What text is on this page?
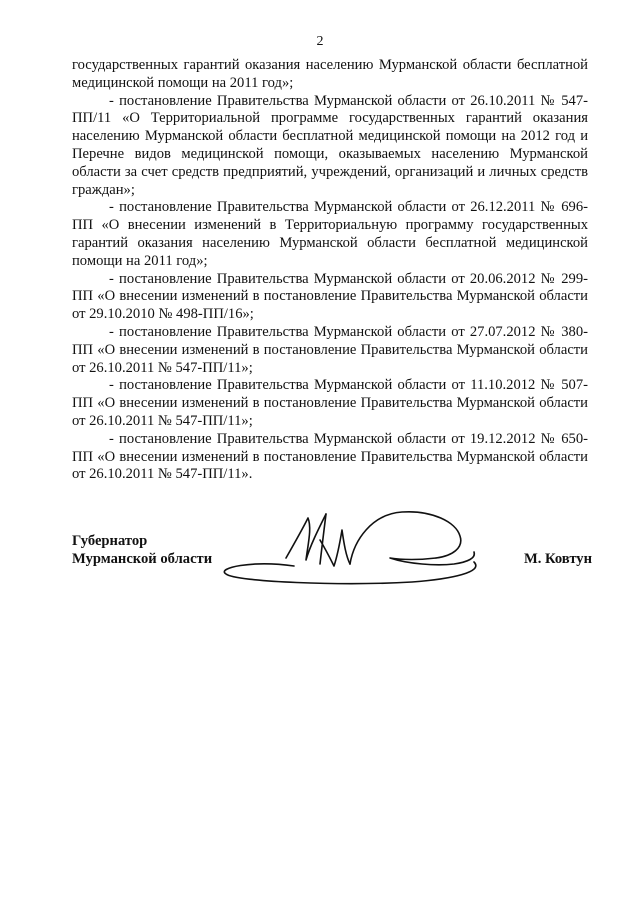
2

государственных гарантий оказания населению Мурманской области бесплатной медицинской помощи на 2011 год»;

- постановление Правительства Мурманской области от 26.10.2011 № 547-ПП/11 «О Территориальной программе государственных гарантий оказания населению Мурманской области бесплатной медицинской помощи на 2012 год и Перечне видов медицинской помощи, оказываемых населению Мурманской области за счет средств предприятий, учреждений, организаций и личных средств граждан»;

- постановление Правительства Мурманской области от 26.12.2011 № 696-ПП «О внесении изменений в Территориальную программу государственных гарантий оказания населению Мурманской области бесплатной медицинской помощи на 2011 год»;

- постановление Правительства Мурманской области от 20.06.2012 № 299-ПП «О внесении изменений в постановление Правительства Мурманской области от 29.10.2010 № 498-ПП/16»;

- постановление Правительства Мурманской области от 27.07.2012 № 380-ПП «О внесении изменений в постановление Правительства Мурманской области от 26.10.2011 № 547-ПП/11»;

- постановление Правительства Мурманской области от 11.10.2012 № 507-ПП «О внесении изменений в постановление Правительства Мурманской области от 26.10.2011 № 547-ПП/11»;

- постановление Правительства Мурманской области от 19.12.2012 № 650-ПП «О внесении изменений в постановление Правительства Мурманской области от 26.10.2011 № 547-ПП/11».

Губернатор
Мурманской области	М. Ковтун
